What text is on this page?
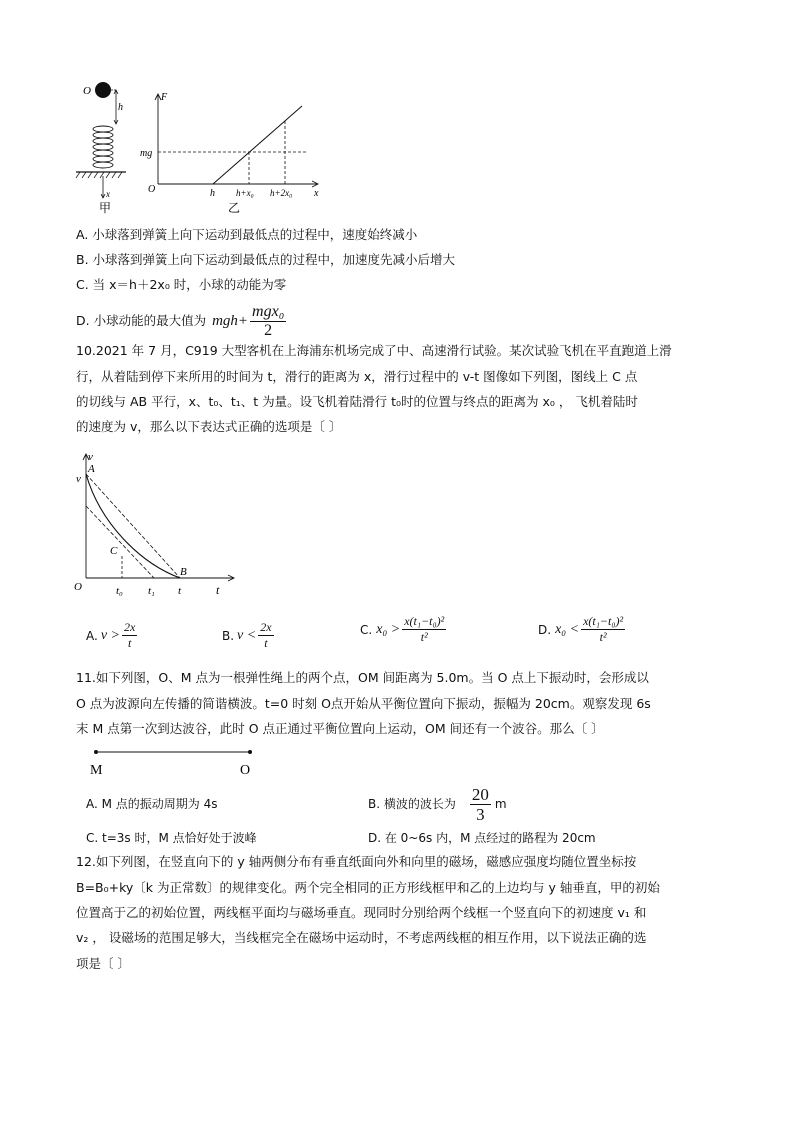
O
h
x
甲
F
O	x
mg
h h+x₀ h+2x₀
乙
A. 小球落到弹簧上向下运动到最低点的过程中，速度始终减小
B. 小球落到弹簧上向下运动到最低点的过程中，加速度先减小后增大
C. 当 x＝h＋2x₀ 时，小球的动能为零
D. 小球动能的最大值为 $mgh+ \frac{\text{mgx₀}}{2}$
10.2021 年 7 月，C919 大型客机在上海浦东机场完成了中、高速滑行试验。某次试验飞机在平直跑道上滑
行，从着陆到停下来所用的时间为 t，滑行的距离为 x，滑行过程中的 v-t 图像如下列图，图线上 C 点
的切线与 AB 平行，x、t₀、t₁、t 为量。设飞机着陆滑行 t₀时的位置与终点的距离为 x₀ ， 飞机着陆时
的速度为 v，那么以下表达式正确的选项是〔 〕
v
A
v
C
B
O	t₀ t₁ t	t
A. $v > \frac{2x}{t}$	B. $v < \frac{2x}{t}$	C. $x_0 > \frac{\text{x(t₁−t₀)²}}{\text{t²}}$	D. $x_0 < \frac{\text{x(t₁−t₀)²}}{\text{t²}}$
11.如下列图，O、M 点为一根弹性绳上的两个点，OM 间距离为 5.0m。当 O 点上下振动时，会形成以
O 点为波源向左传播的简谐横波。t=0 时刻 O点开始从平衡位置向下振动，振幅为 20cm。观察发现 6s
末 M 点第一次到达波谷，此时 O 点正通过平衡位置向上运动，OM 间还有一个波谷。那么〔 〕
M	O
A. M 点的振动周期为 4s	B. 横波的波长为 $\frac{20}{3}$ m
C. t=3s 时，M 点恰好处于波峰	D. 在 0~6s 内，M 点经过的路程为 20cm
12.如下列图，在竖直向下的 y 轴两侧分布有垂直纸面向外和向里的磁场，磁感应强度均随位置坐标按
B=B₀+ky〔k 为正常数〕的规律变化。两个完全相同的正方形线框甲和乙的上边均与 y 轴垂直，甲的初始
位置高于乙的初始位置，两线框平面均与磁场垂直。现同时分别给两个线框一个竖直向下的初速度 v₁ 和
v₂ ， 设磁场的范围足够大，当线框完全在磁场中运动时，不考虑两线框的相互作用，以下说法正确的选
项是〔 〕
